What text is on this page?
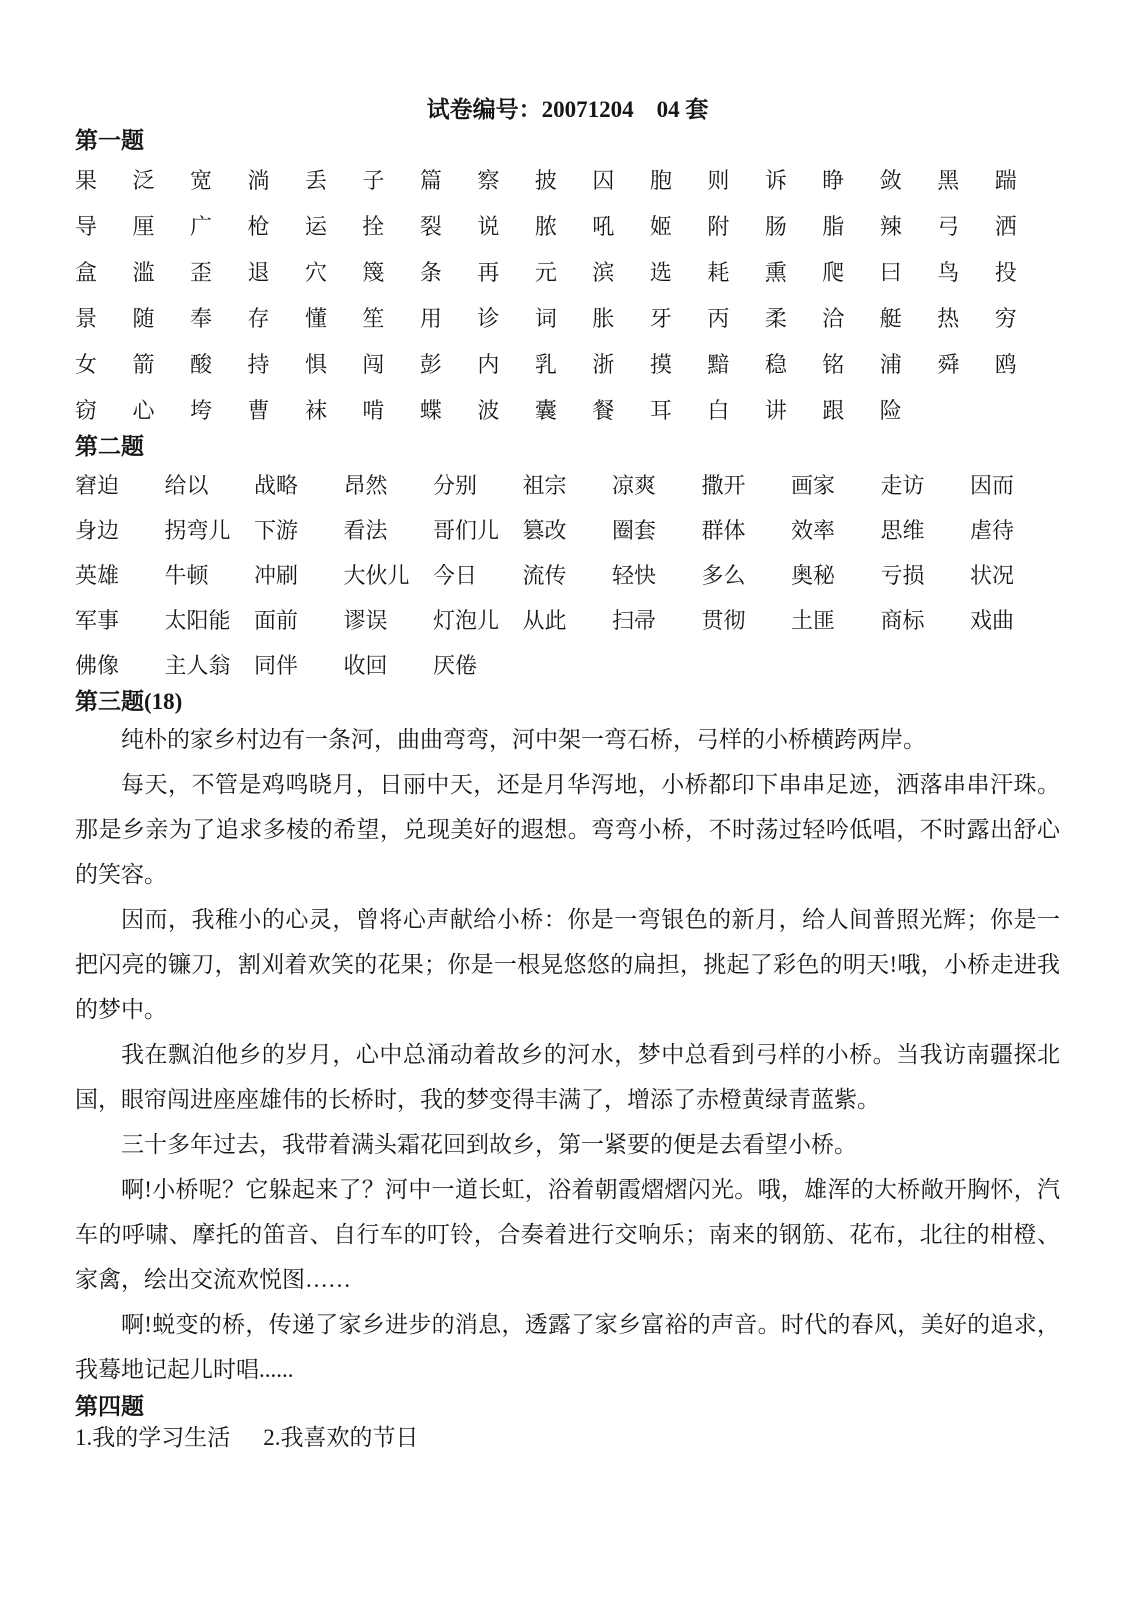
试卷编号：20071204    04 套
第一题
果 泛 宽 淌 丢 子 篇 察 披 囚 胞 则 诉 睁 敛 黑 踹
导 厘 广 枪 运 拴 裂 说 脓 吼 姬 附 肠 脂 辣 弓 洒
盒 滥 歪 退 穴 篾 条 再 元 滨 选 耗 熏 爬 曰 鸟 投
景 随 奉 存 懂 笙 用 诊 词 胀 牙 丙 柔 洽 艇 热 穷
女 箭 酸 持 惧 闯 彭 内 乳 浙 摸 黯 稳 铭 浦 舜 鸥
窃 心 垮 曹 袜 啃 蝶 波 囊 餐 耳 白 讲 跟 险
第二题
窘迫	给以	战略	昂然	分别	祖宗	凉爽	撒开	画家	走访	因而
身边	拐弯儿	下游	看法	哥们儿	篡改	圈套	群体	效率	思维	虐待
英雄	牛顿	冲刷	大伙儿	今日	流传	轻快	多么	奥秘	亏损	状况
军事	太阳能	面前	谬误	灯泡儿	从此	扫帚	贯彻	土匪	商标	戏曲
佛像	主人翁	同伴	收回	厌倦
第三题(18)

纯朴的家乡村边有一条河，曲曲弯弯，河中架一弯石桥，弓样的小桥横跨两岸。

每天，不管是鸡鸣晓月，日丽中天，还是月华泻地，小桥都印下串串足迹，洒落串串汗珠。那是乡亲为了追求多棱的希望，兑现美好的遐想。弯弯小桥，不时荡过轻吟低唱，不时露出舒心的笑容。

因而，我稚小的心灵，曾将心声献给小桥：你是一弯银色的新月，给人间普照光辉；你是一把闪亮的镰刀，割刈着欢笑的花果；你是一根晃悠悠的扁担，挑起了彩色的明天!哦，小桥走进我的梦中。

我在飘泊他乡的岁月，心中总涌动着故乡的河水，梦中总看到弓样的小桥。当我访南疆探北国，眼帘闯进座座雄伟的长桥时，我的梦变得丰满了，增添了赤橙黄绿青蓝紫。

三十多年过去，我带着满头霜花回到故乡，第一紧要的便是去看望小桥。

啊!小桥呢？它躲起来了？河中一道长虹，浴着朝霞熠熠闪光。哦，雄浑的大桥敞开胸怀，汽车的呼啸、摩托的笛音、自行车的叮铃，合奏着进行交响乐；南来的钢筋、花布，北往的柑橙、家禽，绘出交流欢悦图……

啊!蜕变的桥，传递了家乡进步的消息，透露了家乡富裕的声音。时代的春风，美好的追求，我蓦地记起儿时唱......

第四题
1.我的学习生活 2.我喜欢的节日
